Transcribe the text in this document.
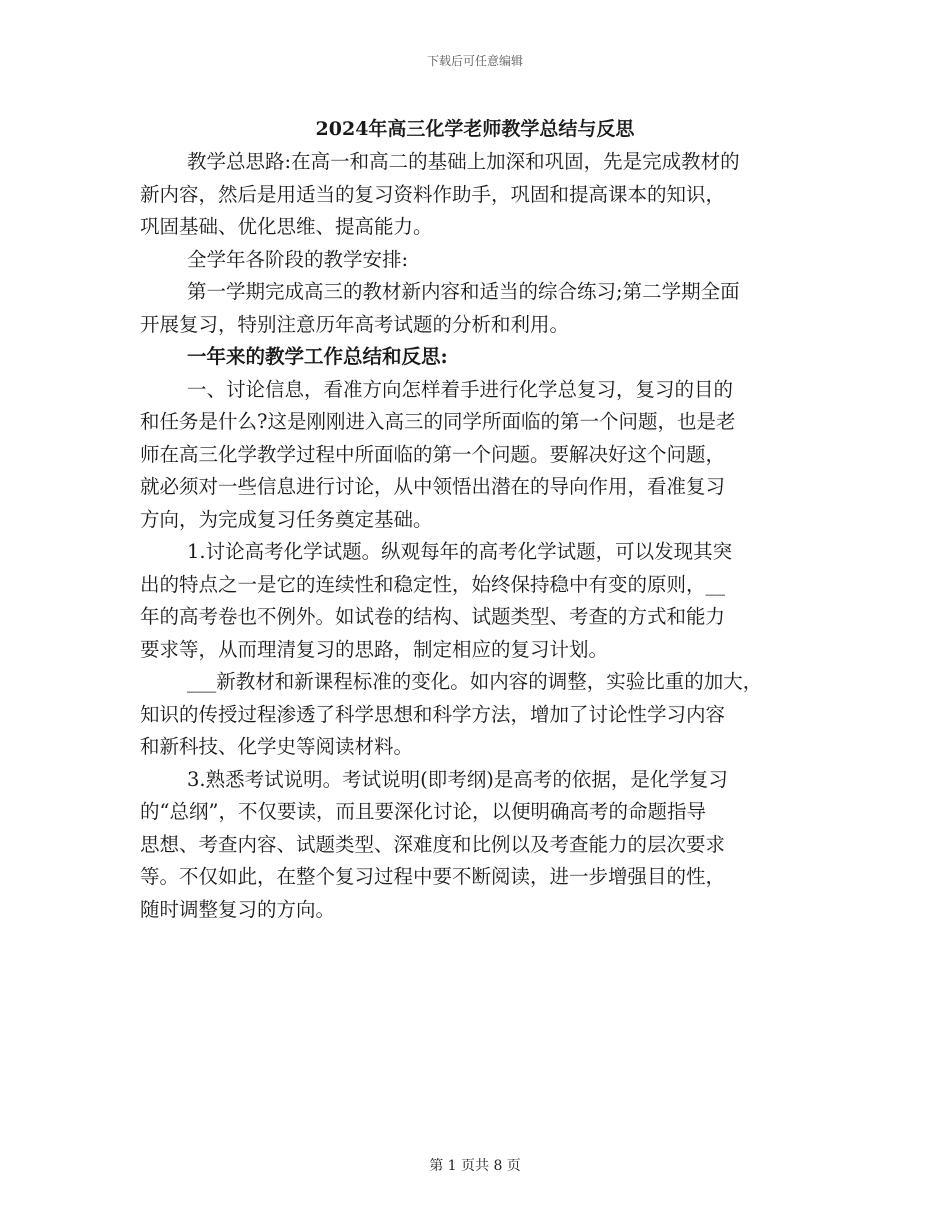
下载后可任意编辑
2024年高三化学老师教学总结与反思
教学总思路:在高一和高二的基础上加深和巩固，先是完成教材的
新内容，然后是用适当的复习资料作助手，巩固和提高课本的知识，
巩固基础、优化思维、提高能力。
全学年各阶段的教学安排:
第一学期完成高三的教材新内容和适当的综合练习;第二学期全面
开展复习，特别注意历年高考试题的分析和利用。
一年来的教学工作总结和反思:
一、讨论信息，看准方向怎样着手进行化学总复习，复习的目的
和任务是什么?这是刚刚进入高三的同学所面临的第一个问题，也是老
师在高三化学教学过程中所面临的第一个问题。要解决好这个问题，
就必须对一些信息进行讨论，从中领悟出潜在的导向作用，看准复习
方向，为完成复习任务奠定基础。
1.讨论高考化学试题。纵观每年的高考化学试题，可以发现其突
出的特点之一是它的连续性和稳定性，始终保持稳中有变的原则，__
年的高考卷也不例外。如试卷的结构、试题类型、考查的方式和能力
要求等，从而理清复习的思路，制定相应的复习计划。
___新教材和新课程标准的变化。如内容的调整，实验比重的加大，
知识的传授过程渗透了科学思想和科学方法，增加了讨论性学习内容
和新科技、化学史等阅读材料。
3.熟悉考试说明。考试说明(即考纲)是高考的依据，是化学复习
的“总纲”，不仅要读，而且要深化讨论，以便明确高考的命题指导
思想、考查内容、试题类型、深难度和比例以及考查能力的层次要求
等。不仅如此，在整个复习过程中要不断阅读，进一步增强目的性，
随时调整复习的方向。
第 1 页共 8 页
